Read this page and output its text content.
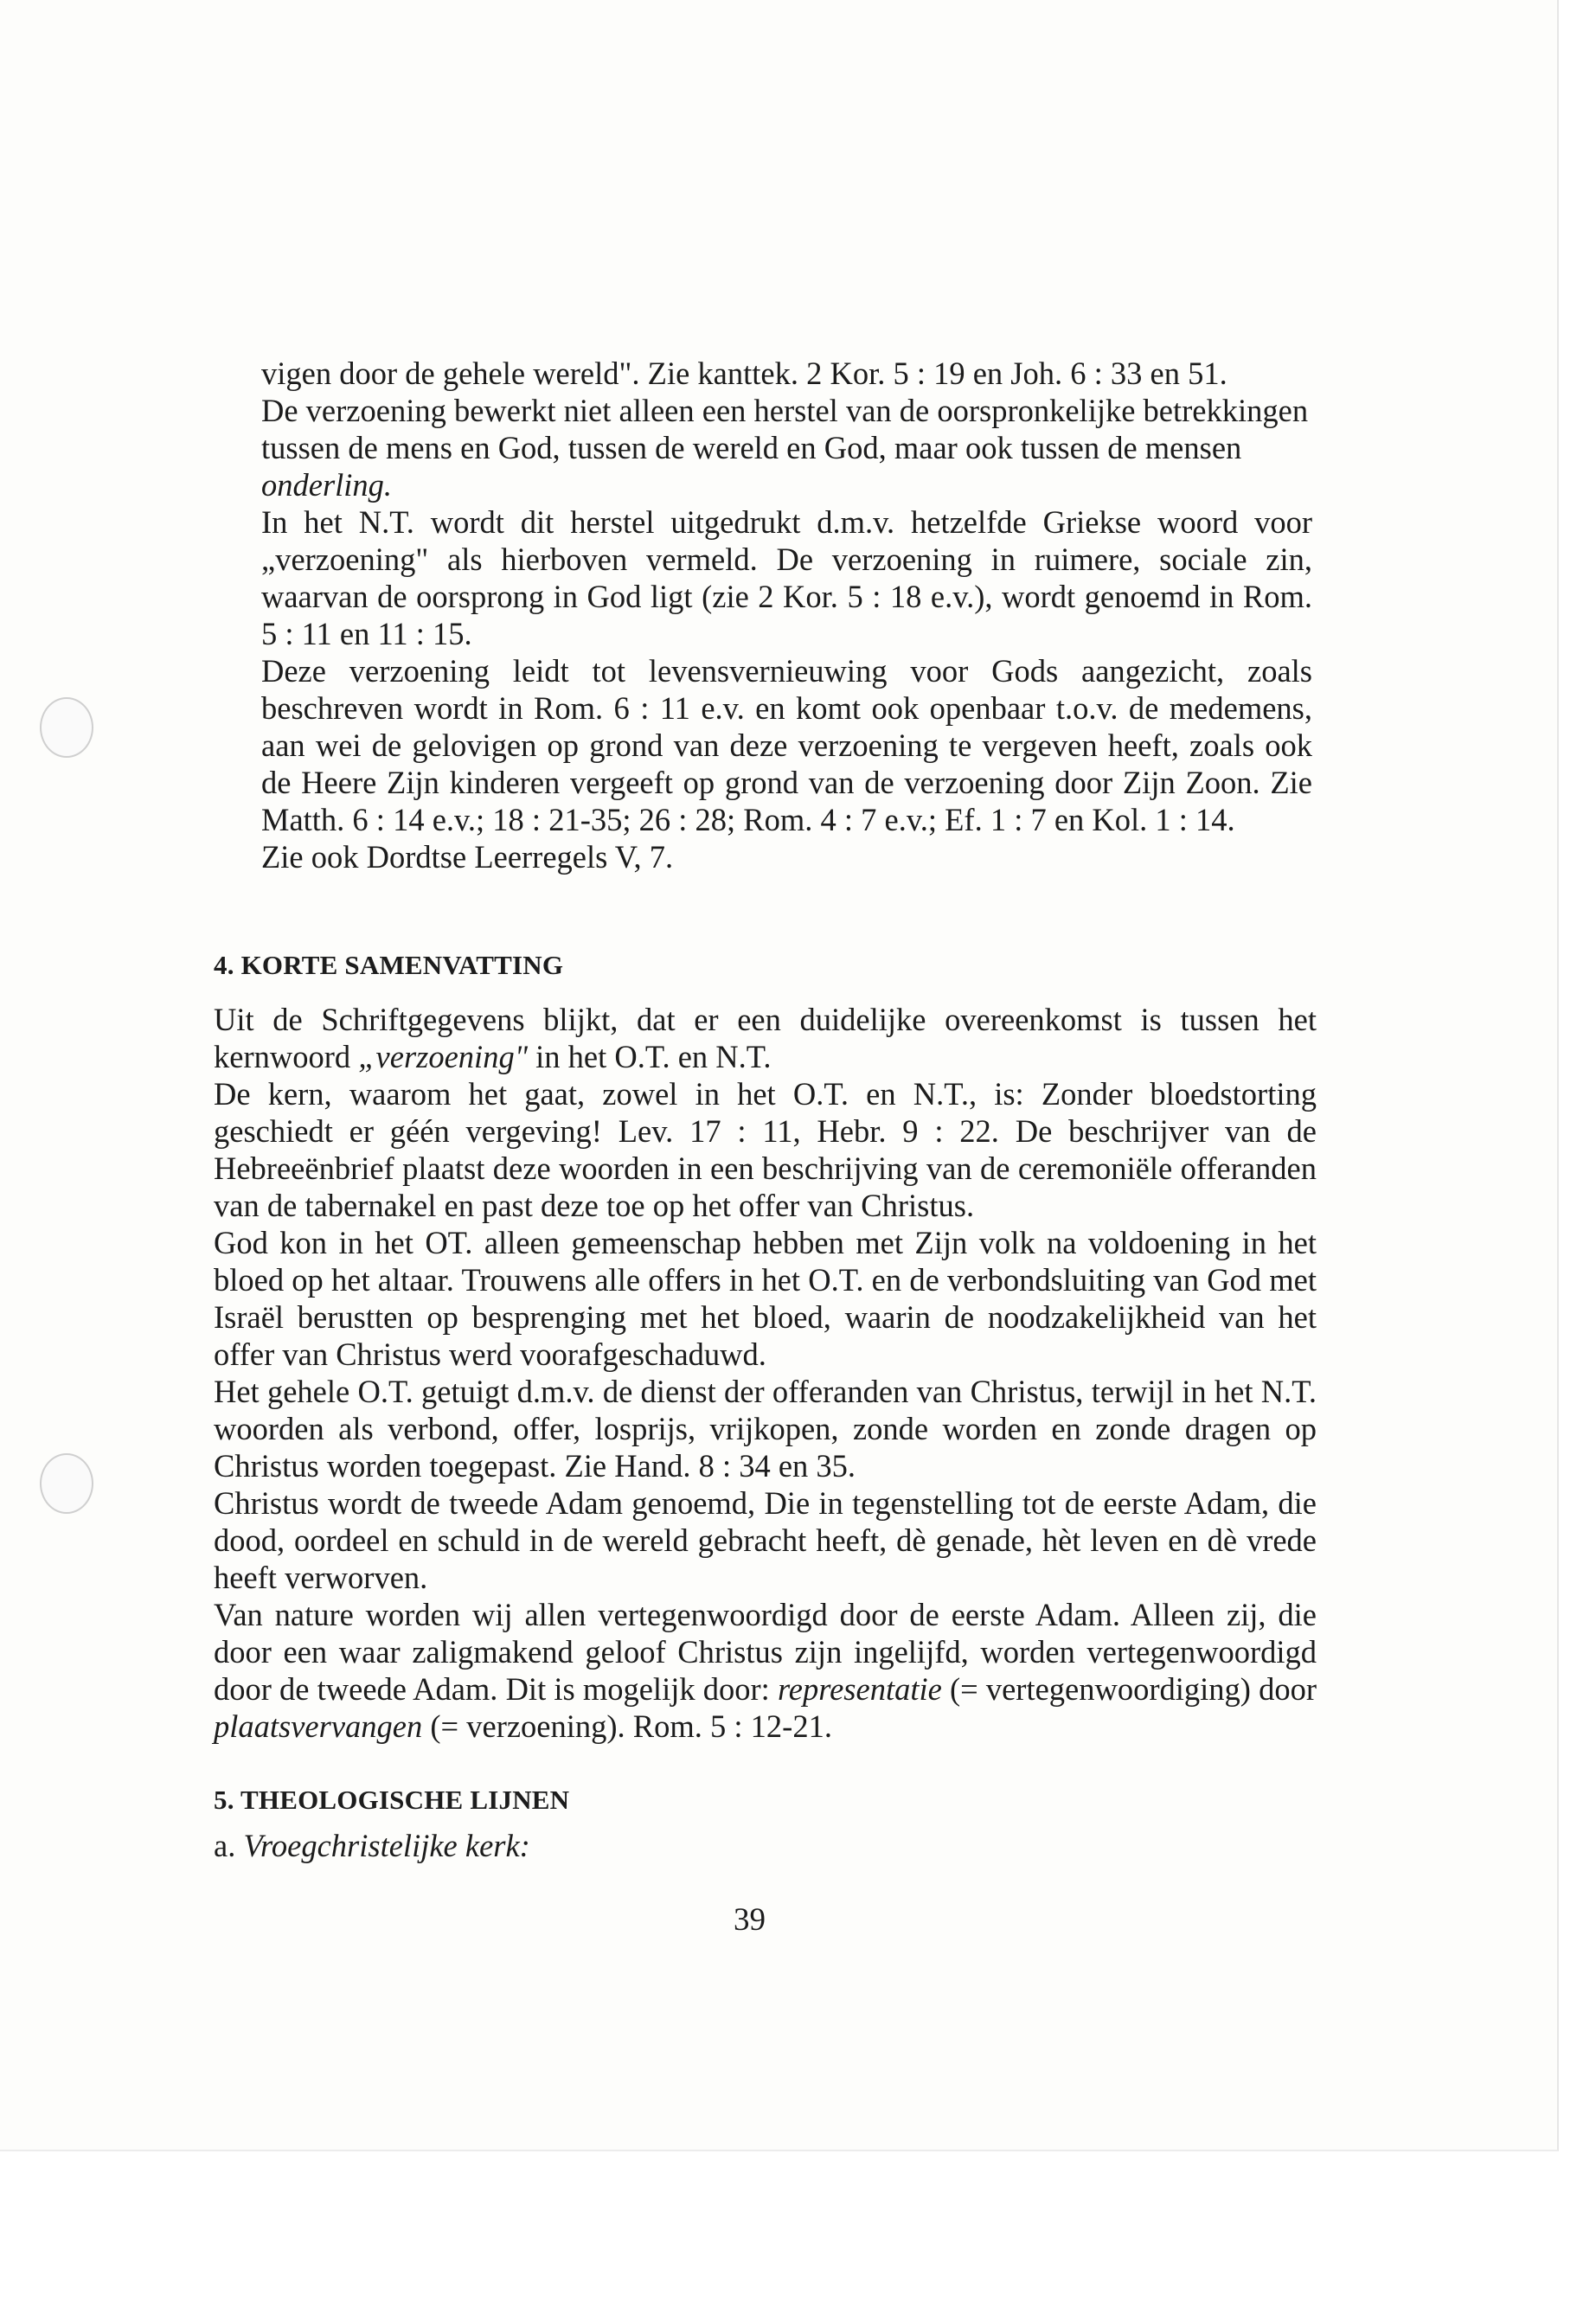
vigen door de gehele wereld". Zie kanttek. 2 Kor. 5 : 19 en Joh. 6 : 33 en 51.

De verzoening bewerkt niet alleen een herstel van de oorspronkelijke betrekkingen tussen de mens en God, tussen de wereld en God, maar ook tussen de mensen onderling.

In het N.T. wordt dit herstel uitgedrukt d.m.v. hetzelfde Griekse woord voor „verzoening" als hierboven vermeld. De verzoening in ruimere, sociale zin, waarvan de oorsprong in God ligt (zie 2 Kor. 5 : 18 e.v.), wordt genoemd in Rom. 5 : 11 en 11 : 15.

Deze verzoening leidt tot levensvernieuwing voor Gods aangezicht, zoals beschreven wordt in Rom. 6 : 11 e.v. en komt ook openbaar t.o.v. de medemens, aan wei de gelovigen op grond van deze verzoening te vergeven heeft, zoals ook de Heere Zijn kinderen vergeeft op grond van de verzoening door Zijn Zoon. Zie Matth. 6 : 14 e.v.; 18 : 21-35; 26 : 28; Rom. 4 : 7 e.v.; Ef. 1 : 7 en Kol. 1 : 14.

Zie ook Dordtse Leerregels V, 7.

4. KORTE SAMENVATTING

Uit de Schriftgegevens blijkt, dat er een duidelijke overeenkomst is tussen het kernwoord „verzoening" in het O.T. en N.T.

De kern, waarom het gaat, zowel in het O.T. en N.T., is: Zonder bloedstorting geschiedt er géén vergeving! Lev. 17 : 11, Hebr. 9 : 22. De beschrijver van de Hebreeënbrief plaatst deze woorden in een beschrijving van de ceremoniële offeranden van de tabernakel en past deze toe op het offer van Christus.

God kon in het OT. alleen gemeenschap hebben met Zijn volk na voldoening in het bloed op het altaar. Trouwens alle offers in het O.T. en de verbondsluiting van God met Israël berustten op besprenging met het bloed, waarin de noodzakelijkheid van het offer van Christus werd voorafgeschaduwd.

Het gehele O.T. getuigt d.m.v. de dienst der offeranden van Christus, terwijl in het N.T. woorden als verbond, offer, losprijs, vrijkopen, zonde worden en zonde dragen op Christus worden toegepast. Zie Hand. 8 : 34 en 35.

Christus wordt de tweede Adam genoemd, Die in tegenstelling tot de eerste Adam, die dood, oordeel en schuld in de wereld gebracht heeft, dè genade, hèt leven en dè vrede heeft verworven.

Van nature worden wij allen vertegenwoordigd door de eerste Adam. Alleen zij, die door een waar zaligmakend geloof Christus zijn ingelijfd, worden vertegenwoordigd door de tweede Adam. Dit is mogelijk door: representatie (= vertegenwoordiging) door plaatsvervangen (= verzoening). Rom. 5 : 12-21.

5. THEOLOGISCHE LIJNEN
a. Vroegchristelijke kerk:
39
